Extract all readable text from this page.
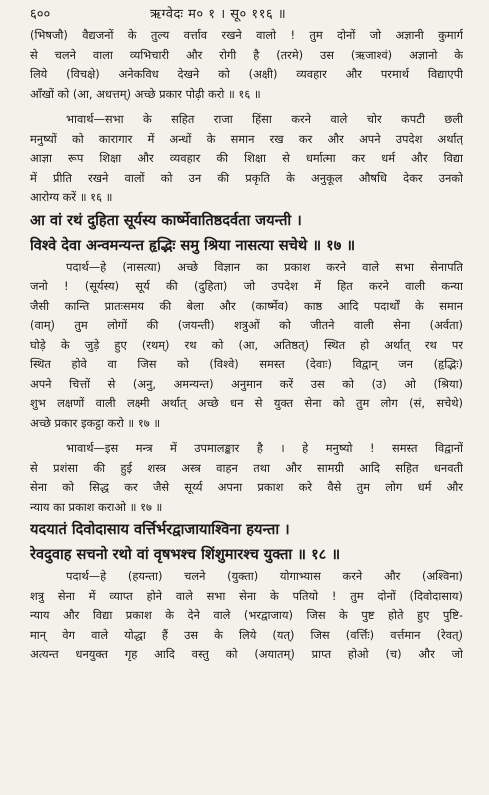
६००	ऋग्वेदः म० १ । सू० ११६ ॥
(भिषजौ) वैद्यजनों के तुल्य वर्त्ताव रखने वालो ! तुम दोनों जो अज्ञानी कुमार्ग
से चलने वाला व्यभिचारी और रोगी है (तरमे) उस (ऋजाश्वं) अज्ञानो के
लिये (विचक्षे) अनेकविध देखने को (अक्षी) व्यवहार और परमार्थ विद्याएपी
आँखों को (आ, अधत्तम्) अच्छे प्रकार पोढ़ी करो ॥ १६ ॥
भावार्थ—सभा के सहित राजा हिंसा करने वाले चोर कपटी छली
मनुष्यों को कारागार में अन्धों के समान रख कर और अपने उपदेश अर्थात्
आज्ञा रूप शिक्षा और व्यवहार की शिक्षा से धर्मात्मा कर धर्म और विद्या
में प्रीति रखने वालों को उन की प्रकृति के अनुकूल औषधि देकर उनको
आरोग्य करें ॥ १६ ॥
आ वां रथं दुहिता सूर्यस्य कार्ष्मेवातिष्ठदर्वता जयन्ती ।
विश्वे देवा अन्वमन्यन्त हृद्भिः समु श्रिया नासत्या सचेथे ॥ १७ ॥
पदार्थ—हे (नासत्या) अच्छे विज्ञान का प्रकाश करने वाले सभा सेनापति
जनो ! (सूर्यस्य) सूर्य की (दुहिता) जो उपदेश में हित करने वाली कन्या
जैसी कान्ति प्रातःसमय की बेला और (कार्ष्मेव) काष्ठ आदि पदार्थों के समान
(वाम्) तुम लोगों की (जयन्ती) शत्रुओं को जीतने वाली सेना (अर्वता)
घोड़े के जुड़े हुए (रथम्) रथ को (आ, अतिष्ठत्) स्थित हो अर्थात् रथ पर
स्थित होवे वा जिस को (विश्वे) समस्त (देवाः) विद्वान् जन (हृद्भिः)
अपने चित्तों से (अनु, अमन्यन्त) अनुमान करें उस को (उ) ओ (श्रिया)
शुभ लक्षणों वाली लक्ष्मी अर्थात् अच्छे धन से युक्त सेना को तुम लोग (सं, सचेथे)
अच्छे प्रकार इकट्ठा करो ॥ १७ ॥
भावार्थ—इस मन्त्र में उपमालङ्कार है । हे मनुष्यो ! समस्त विद्वानों
से प्रशंसा की हुई शस्त्र अस्त्र वाहन तथा और सामग्री आदि सहित धनवती
सेना को सिद्ध कर जैसे सूर्य्य अपना प्रकाश करे वैसे तुम लोग धर्म और
न्याय का प्रकाश कराओ ॥ १७ ॥
यदयातं दिवोदासाय वर्त्तिर्भरद्वाजायाश्विना हयन्ता ।
रेवदुवाह सचनो रथो वां वृषभश्च शिंशुमारश्च युक्ता ॥ १८ ॥
पदार्थ—हे (हयन्ता) चलने (युक्ता) योगाभ्यास करने और (अश्विना)
शत्रु सेना में व्याप्त होने वाले सभा सेना के पतियो ! तुम दोनों (दिवोदासाय)
न्याय और विद्या प्रकाश के देने वाले (भरद्वाजाय) जिस के पुष्ट होते हुए पुष्टि-
मान् वेग वाले योद्धा हैं उस के लिये (यत्) जिस (वर्त्तिः) वर्त्तमान (रेवत्)
अत्यन्त धनयुक्त गृह आदि वस्तु को (अयातम्) प्राप्त होओ (च) और जो
